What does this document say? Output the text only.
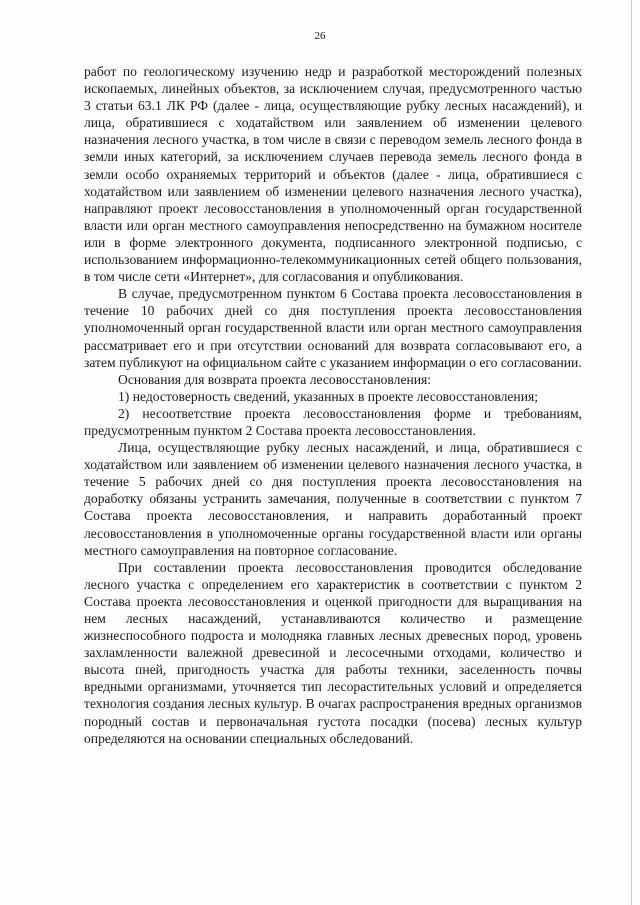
26

работ по геологическому изучению недр и разработкой месторождений полезных ископаемых, линейных объектов, за исключением случая, предусмотренного частью 3 статьи 63.1 ЛК РФ (далее - лица, осуществляющие рубку лесных насаждений), и лица, обратившиеся с ходатайством или заявлением об изменении целевого назначения лесного участка, в том числе в связи с переводом земель лесного фонда в земли иных категорий, за исключением случаев перевода земель лесного фонда в земли особо охраняемых территорий и объектов (далее - лица, обратившиеся с ходатайством или заявлением об изменении целевого назначения лесного участка), направляют проект лесовосстановления в уполномоченный орган государственной власти или орган местного самоуправления непосредственно на бумажном носителе или в форме электронного документа, подписанного электронной подписью, с использованием информационно-телекоммуникационных сетей общего пользования, в том числе сети «Интернет», для согласования и опубликования.

В случае, предусмотренном пунктом 6 Состава проекта лесовосстановления в течение 10 рабочих дней со дня поступления проекта лесовосстановления уполномоченный орган государственной власти или орган местного самоуправления рассматривает его и при отсутствии оснований для возврата согласовывают его, а затем публикуют на официальном сайте с указанием информации о его согласовании.

Основания для возврата проекта лесовосстановления:

1) недостоверность сведений, указанных в проекте лесовосстановления;

2) несоответствие проекта лесовосстановления форме и требованиям, предусмотренным пунктом 2 Состава проекта лесовосстановления.

Лица, осуществляющие рубку лесных насаждений, и лица, обратившиеся с ходатайством или заявлением об изменении целевого назначения лесного участка, в течение 5 рабочих дней со дня поступления проекта лесовосстановления на доработку обязаны устранить замечания, полученные в соответствии с пунктом 7 Состава проекта лесовосстановления, и направить доработанный проект лесовосстановления в уполномоченные органы государственной власти или органы местного самоуправления на повторное согласование.

При составлении проекта лесовосстановления проводится обследование лесного участка с определением его характеристик в соответствии с пунктом 2 Состава проекта лесовосстановления и оценкой пригодности для выращивания на нем лесных насаждений, устанавливаются количество и размещение жизнеспособного подроста и молодняка главных лесных древесных пород, уровень захламленности валежной древесиной и лесосечными отходами, количество и высота пней, пригодность участка для работы техники, заселенность почвы вредными организмами, уточняется тип лесорастительных условий и определяется технология создания лесных культур. В очагах распространения вредных организмов породный состав и первоначальная густота посадки (посева) лесных культур определяются на основании специальных обследований.
